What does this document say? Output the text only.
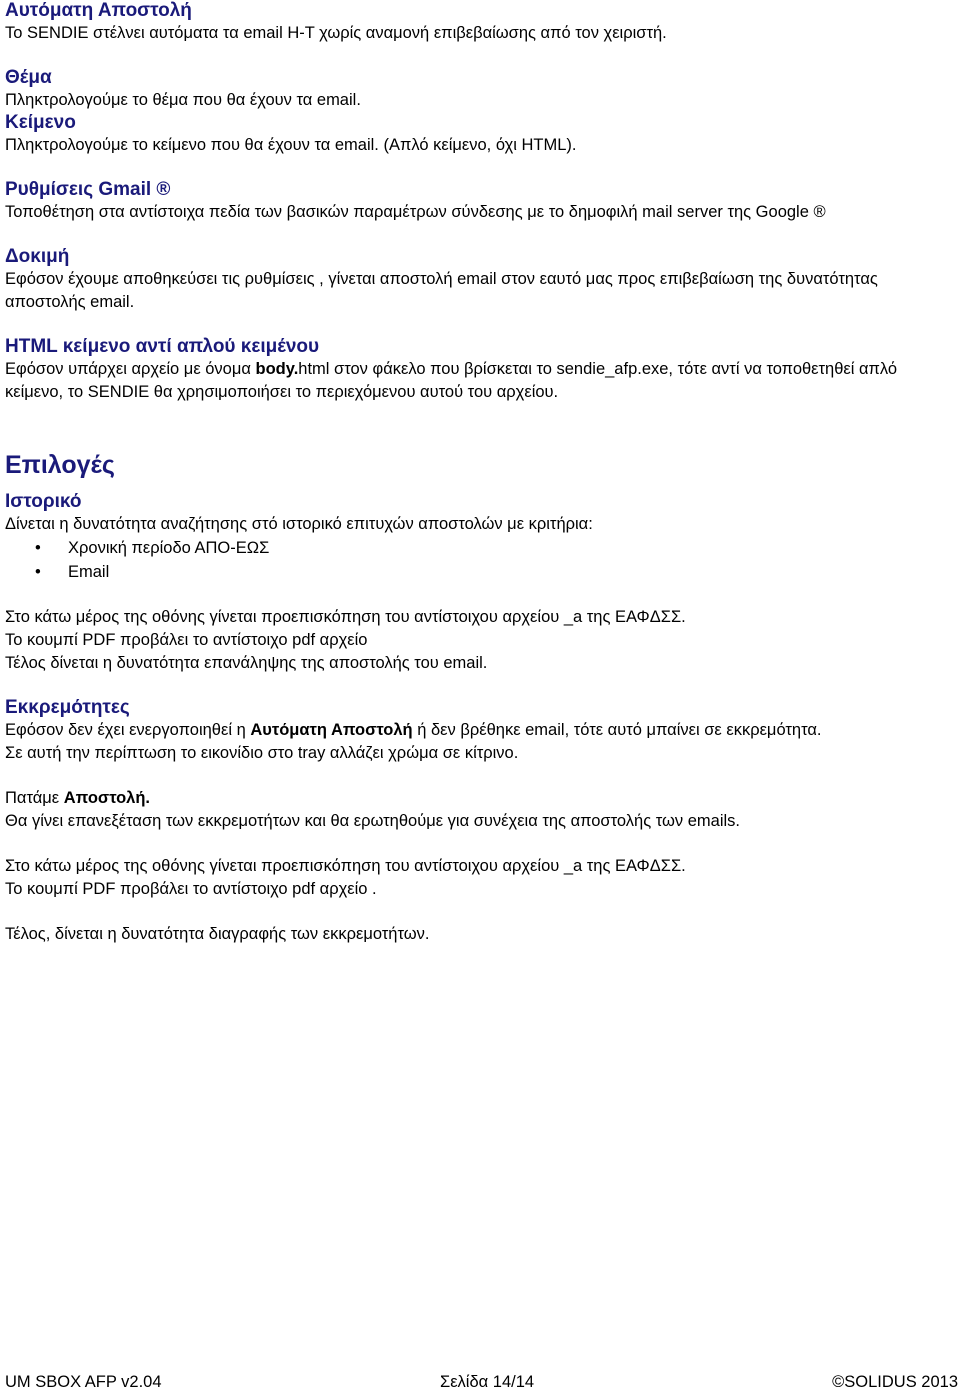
Αυτόματη Αποστολή

Το SENDIE στέλνει αυτόματα τα email Η-Τ χωρίς αναμονή επιβεβαίωσης από τον χειριστή.

Θέμα

Πληκτρολογούμε το θέμα που θα έχουν τα email.

Κείμενο

Πληκτρολογούμε το κείμενο που θα έχουν τα email. (Απλό κείμενο, όχι HTML).

Ρυθμίσεις Gmail ®

Τοποθέτηση στα αντίστοιχα πεδία των βασικών παραμέτρων σύνδεσης με το δημοφιλή mail server της Google ®

Δοκιμή

Εφόσον έχουμε αποθηκεύσει τις ρυθμίσεις , γίνεται αποστολή email στον εαυτό μας προς επιβεβαίωση της δυνατότητας αποστολής email.

HTML κείμενο αντί απλού κειμένου

Εφόσον υπάρχει αρχείο με όνομα body.html στον φάκελο που βρίσκεται το sendie_afp.exe, τότε αντί να τοποθετηθεί απλό κείμενο, το SENDIE θα χρησιμοποιήσει το περιεχόμενου αυτού του αρχείου.

Επιλογές
Ιστορικό

Δίνεται η δυνατότητα αναζήτησης στό ιστορικό επιτυχών αποστολών με κριτήρια:

• Χρονική περίοδο ΑΠΟ-ΕΩΣ
• Email

Στο κάτω μέρος της οθόνης γίνεται προεπισκόπηση του αντίστοιχου αρχείου _a της ΕΑΦΔΣΣ.

Το κουμπί PDF προβάλει το αντίστοιχο pdf αρχείο

Τέλος δίνεται η δυνατότητα επανάληψης της αποστολής του email.

Εκκρεμότητες

Εφόσον δεν έχει ενεργοποιηθεί η Αυτόματη Αποστολή ή δεν βρέθηκε email, τότε αυτό μπαίνει σε εκκρεμότητα.

Σε αυτή την περίπτωση το εικονίδιο στο tray αλλάζει χρώμα σε κίτρινο.

Πατάμε Αποστολή.

Θα γίνει επανεξέταση των εκκρεμοτήτων και θα ερωτηθούμε για συνέχεια της αποστολής των emails.

Στο κάτω μέρος της οθόνης γίνεται προεπισκόπηση του αντίστοιχου αρχείου _a της ΕΑΦΔΣΣ.

Το κουμπί PDF προβάλει το αντίστοιχο pdf αρχείο .

Τέλος, δίνεται η δυνατότητα διαγραφής των εκκρεμοτήτων.

UM SBOX AFP v2.04	Σελίδα 14/14	©SOLIDUS 2013
